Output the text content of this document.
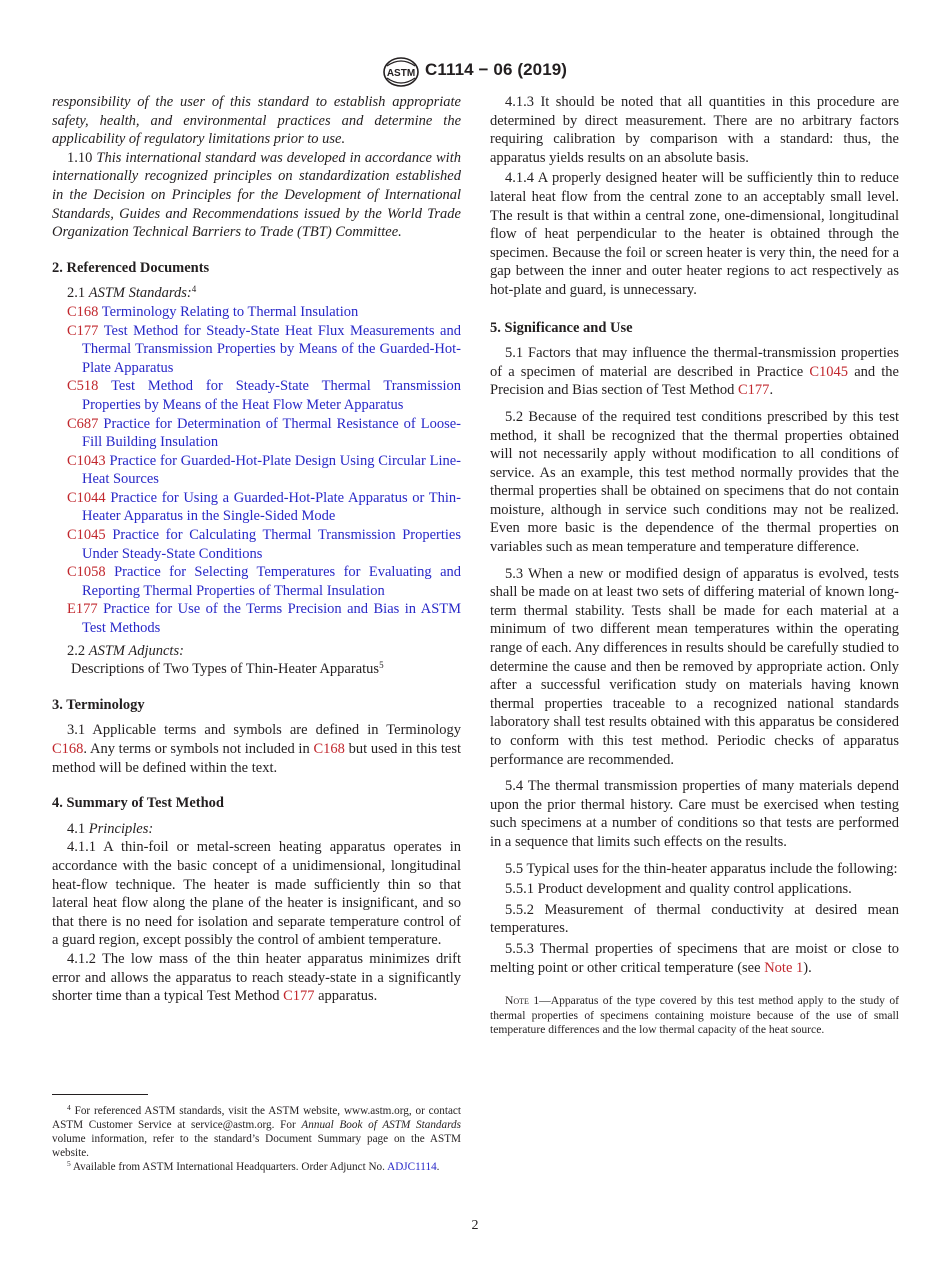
ASTM C1114 − 06 (2019)

responsibility of the user of this standard to establish appropriate safety, health, and environmental practices and determine the applicability of regulatory limitations prior to use.

1.10 This international standard was developed in accordance with internationally recognized principles on standardization established in the Decision on Principles for the Development of International Standards, Guides and Recommendations issued by the World Trade Organization Technical Barriers to Trade (TBT) Committee.

2. Referenced Documents

2.1 ASTM Standards:$^4$

C168 Terminology Relating to Thermal Insulation

C177 Test Method for Steady-State Heat Flux Measurements and Thermal Transmission Properties by Means of the Guarded-Hot-Plate Apparatus

C518 Test Method for Steady-State Thermal Transmission Properties by Means of the Heat Flow Meter Apparatus

C687 Practice for Determination of Thermal Resistance of Loose-Fill Building Insulation

C1043 Practice for Guarded-Hot-Plate Design Using Circular Line-Heat Sources

C1044 Practice for Using a Guarded-Hot-Plate Apparatus or Thin-Heater Apparatus in the Single-Sided Mode

C1045 Practice for Calculating Thermal Transmission Properties Under Steady-State Conditions

C1058 Practice for Selecting Temperatures for Evaluating and Reporting Thermal Properties of Thermal Insulation

E177 Practice for Use of the Terms Precision and Bias in ASTM Test Methods

2.2 ASTM Adjuncts:

Descriptions of Two Types of Thin-Heater Apparatus$^5$

3. Terminology

3.1 Applicable terms and symbols are defined in Terminology C168. Any terms or symbols not included in C168 but used in this test method will be defined within the text.

4. Summary of Test Method

4.1 Principles:

4.1.1 A thin-foil or metal-screen heating apparatus operates in accordance with the basic concept of a unidimensional, longitudinal heat-flow technique. The heater is made sufficiently thin so that lateral heat flow along the plane of the heater is insignificant, and so that there is no need for isolation and separate temperature control of a guard region, except possibly the control of ambient temperature.

4.1.2 The low mass of the thin heater apparatus minimizes drift error and allows the apparatus to reach steady-state in a significantly shorter time than a typical Test Method C177 apparatus.

4.1.3 It should be noted that all quantities in this procedure are determined by direct measurement. There are no arbitrary factors requiring calibration by comparison with a standard: thus, the apparatus yields results on an absolute basis.

4.1.4 A properly designed heater will be sufficiently thin to reduce lateral heat flow from the central zone to an acceptably small level. The result is that within a central zone, one-dimensional, longitudinal flow of heat perpendicular to the heater is obtained through the specimen. Because the foil or screen heater is very thin, the need for a gap between the inner and outer heater regions to act respectively as hot-plate and guard, is unnecessary.

5. Significance and Use

5.1 Factors that may influence the thermal-transmission properties of a specimen of material are described in Practice C1045 and the Precision and Bias section of Test Method C177.

5.2 Because of the required test conditions prescribed by this test method, it shall be recognized that the thermal properties obtained will not necessarily apply without modification to all conditions of service. As an example, this test method normally provides that the thermal properties shall be obtained on specimens that do not contain moisture, although in service such conditions may not be realized. Even more basic is the dependence of the thermal properties on variables such as mean temperature and temperature difference.

5.3 When a new or modified design of apparatus is evolved, tests shall be made on at least two sets of differing material of known long-term thermal stability. Tests shall be made for each material at a minimum of two different mean temperatures within the operating range of each. Any differences in results should be carefully studied to determine the cause and then be removed by appropriate action. Only after a successful verification study on materials having known thermal properties traceable to a recognized national standards laboratory shall test results obtained with this apparatus be considered to conform with this test method. Periodic checks of apparatus performance are recommended.

5.4 The thermal transmission properties of many materials depend upon the prior thermal history. Care must be exercised when testing such specimens at a number of conditions so that tests are performed in a sequence that limits such effects on the results.

5.5 Typical uses for the thin-heater apparatus include the following:

5.5.1 Product development and quality control applications.

5.5.2 Measurement of thermal conductivity at desired mean temperatures.

5.5.3 Thermal properties of specimens that are moist or close to melting point or other critical temperature (see Note 1).

Note 1—Apparatus of the type covered by this test method apply to the study of thermal properties of specimens containing moisture because of the use of small temperature differences and the low thermal capacity of the heat source.

$^4$ For referenced ASTM standards, visit the ASTM website, www.astm.org, or contact ASTM Customer Service at service@astm.org. For Annual Book of ASTM Standards volume information, refer to the standard’s Document Summary page on the ASTM website.

$^5$ Available from ASTM International Headquarters. Order Adjunct No. ADJC1114.

2
